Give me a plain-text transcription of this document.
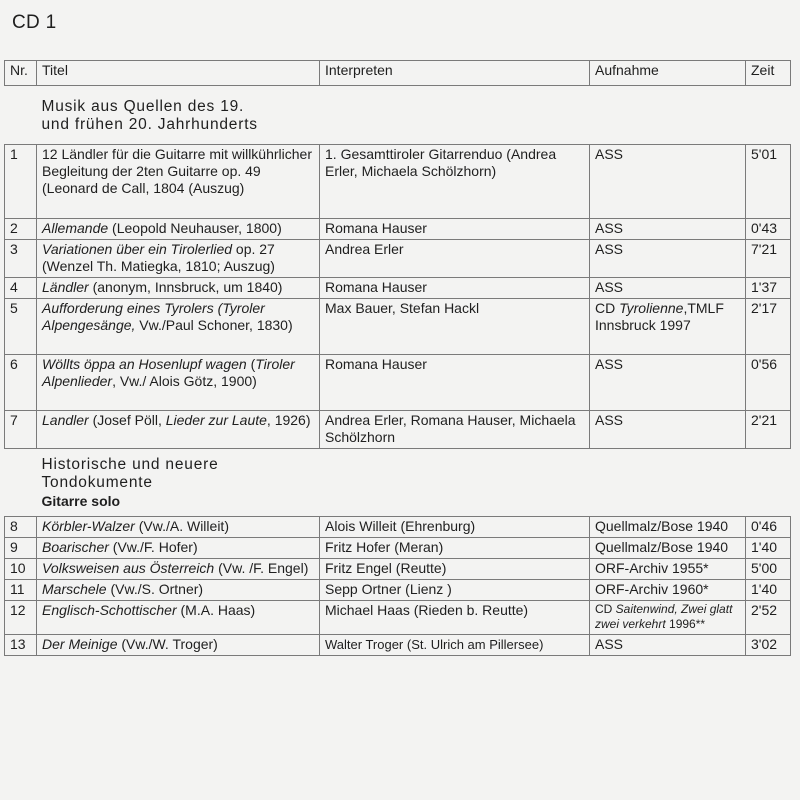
CD 1
Nr.	Titel	Interpreten	Aufnahme	Zeit

	Musik aus Quellen des 19.
und frühen 20. Jahrhunderts			

1	12 Ländler für die Guitarre mit willkührlicher Begleitung der 2ten Guitarre op. 49 (Leonard de Call, 1804 (Auszug)	1. Gesamttiroler Gitarrenduo (Andrea Erler, Michaela Schölzhorn)	ASS	5'01
2	Allemande (Leopold Neuhauser, 1800)	Romana Hauser	ASS	0'43
3	Variationen über ein Tirolerlied op. 27 (Wenzel Th. Matiegka, 1810; Auszug)	Andrea Erler	ASS	7'21
4	Ländler (anonym, Innsbruck, um 1840)	Romana Hauser	ASS	1'37
5	Aufforderung eines Tyrolers (Tyroler Alpengesänge, Vw./Paul Schoner, 1830)	Max Bauer, Stefan Hackl	CD Tyrolienne,TMLF Innsbruck 1997	2'17
6	Wöllts öppa an Hosenlupf wagen (Tiroler Alpenlieder, Vw./ Alois Götz, 1900)	Romana Hauser	ASS	0'56
7	Landler (Josef Pöll, Lieder zur Laute, 1926)	Andrea Erler, Romana Hauser, Michaela Schölzhorn	ASS	2'21

	Historische und neuere
Tondokumente
Gitarre solo			

8	Körbler-Walzer (Vw./A. Willeit)	Alois Willeit (Ehrenburg)	Quellmalz/Bose 1940	0'46
9	Boarischer (Vw./F. Hofer)	Fritz Hofer (Meran)	Quellmalz/Bose 1940	1'40
10	Volksweisen aus Österreich (Vw. /F. Engel)	Fritz Engel (Reutte)	ORF-Archiv 1955*	5'00
11	Marschele (Vw./S. Ortner)	Sepp Ortner (Lienz )	ORF-Archiv 1960*	1'40
12	Englisch-Schottischer (M.A. Haas)	Michael Haas (Rieden b. Reutte)	CD Saitenwind, Zwei glatt zwei verkehrt 1996**	2'52
13	Der Meinige (Vw./W. Troger)	Walter Troger (St. Ulrich am Pillersee)	ASS	3'02
